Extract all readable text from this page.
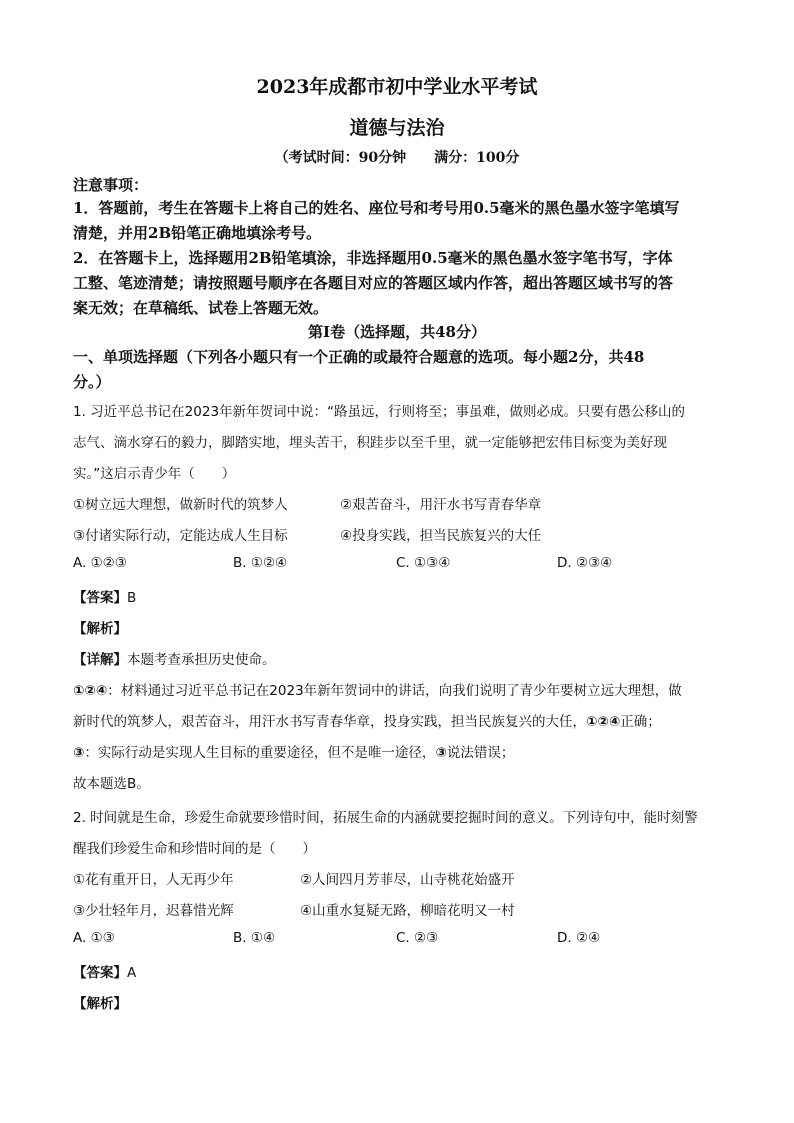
2023年成都市初中学业水平考试
道德与法治
（考试时间：90分钟　　满分：100分
注意事项：
1．答题前，考生在答题卡上将自己的姓名、座位号和考号用0.5毫米的黑色墨水签字笔填写
清楚，并用2B铅笔正确地填涂考号。
2．在答题卡上，选择题用2B铅笔填涂，非选择题用0.5毫米的黑色墨水签字笔书写，字体
工整、笔迹清楚；请按照题号顺序在各题目对应的答题区域内作答，超出答题区域书写的答
案无效；在草稿纸、试卷上答题无效。
第Ⅰ卷（选择题，共48分）
一、单项选择题（下列各小题只有一个正确的或最符合题意的选项。每小题2分，共48
分。）
1. 习近平总书记在2023年新年贺词中说：“路虽远，行则将至；事虽难，做则必成。只要有愚公移山的
志气、滴水穿石的毅力，脚踏实地，埋头苦干，积跬步以至千里，就一定能够把宏伟目标变为美好现
实。”这启示青少年（　　）
①树立远大理想，做新时代的筑梦人	②艰苦奋斗，用汗水书写青春华章
③付诸实际行动，定能达成人生目标	④投身实践，担当民族复兴的大任
A. ①②③	B. ①②④	C. ①③④	D. ②③④
【答案】B
【解析】
【详解】本题考查承担历史使命。
①②④：材料通过习近平总书记在2023年新年贺词中的讲话，向我们说明了青少年要树立远大理想，做
新时代的筑梦人，艰苦奋斗，用汗水书写青春华章，投身实践，担当民族复兴的大任，①②④正确；
③：实际行动是实现人生目标的重要途径，但不是唯一途径，③说法错误；
故本题选B。
2. 时间就是生命，珍爱生命就要珍惜时间，拓展生命的内涵就要挖掘时间的意义。下列诗句中，能时刻警
醒我们珍爱生命和珍惜时间的是（　　）
①花有重开日，人无再少年	②人间四月芳菲尽，山寺桃花始盛开
③少壮轻年月，迟暮惜光辉	④山重水复疑无路，柳暗花明又一村
A. ①③	B. ①④	C. ②③	D. ②④
【答案】A
【解析】
